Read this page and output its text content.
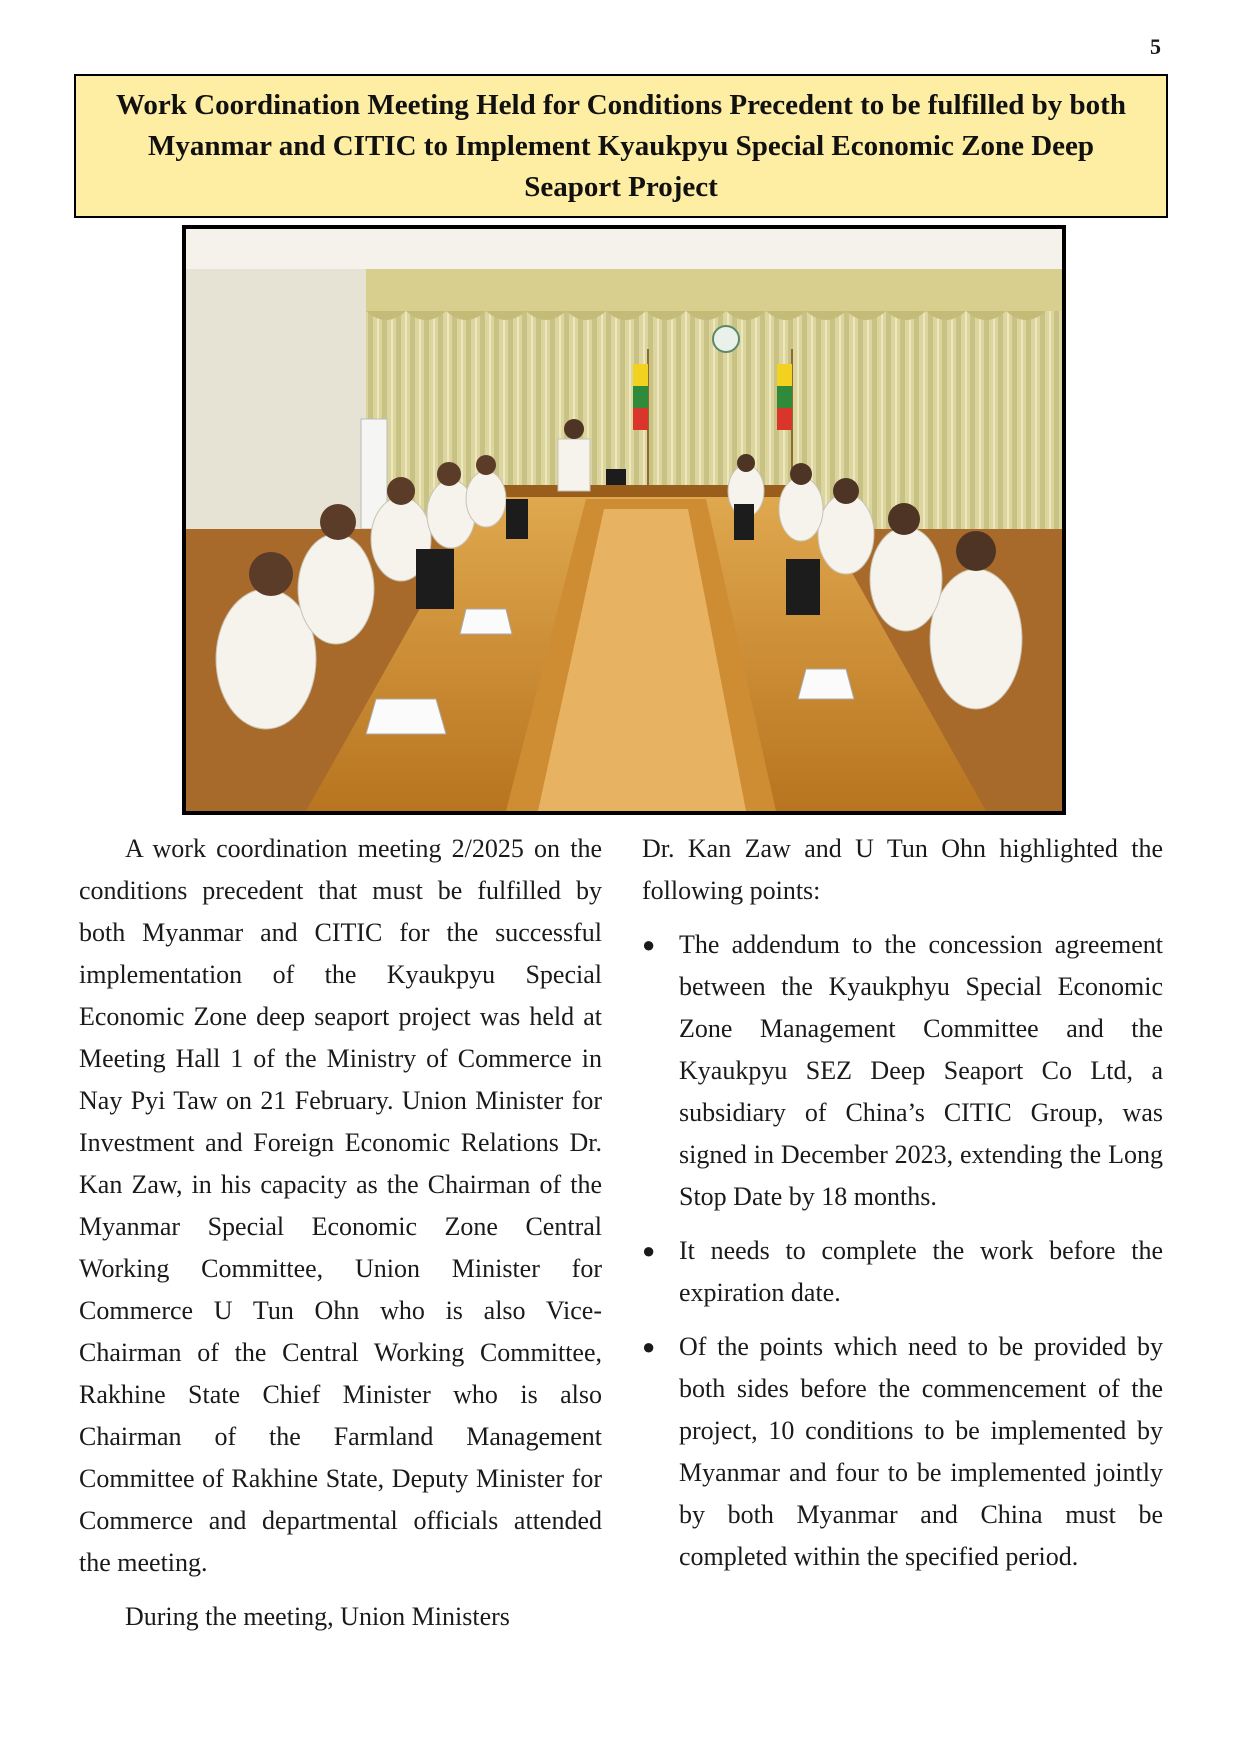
5
Work Coordination Meeting Held for Conditions Precedent to be fulfilled by both Myanmar and CITIC to Implement Kyaukpyu Special Economic Zone Deep Seaport Project

A work coordination meeting 2/2025 on the conditions precedent that must be fulfilled by both Myanmar and CITIC for the successful implementation of the Kyaukpyu Special Economic Zone deep seaport project was held at Meeting Hall 1 of the Ministry of Commerce in Nay Pyi Taw on 21 February. Union Minister for Investment and Foreign Economic Relations Dr. Kan Zaw, in his capacity as the Chairman of the Myanmar Special Economic Zone Central Working Committee, Union Minister for Commerce U Tun Ohn who is also Vice-Chairman of the Central Working Committee, Rakhine State Chief Minister who is also Chairman of the Farmland Management Committee of Rakhine State, Deputy Minister for Commerce and departmental officials attended the meeting.

During the meeting, Union Ministers

Dr. Kan Zaw and U Tun Ohn highlighted the following points:

● The addendum to the concession agreement between the Kyaukphyu Special Economic Zone Management Committee and the Kyaukpyu SEZ Deep Seaport Co Ltd, a subsidiary of China’s CITIC Group, was signed in December 2023, extending the Long Stop Date by 18 months.
● It needs to complete the work before the expiration date.
● Of the points which need to be provided by both sides before the commencement of the project, 10 conditions to be implemented by Myanmar and four to be implemented jointly by both Myanmar and China must be completed within the specified period.
